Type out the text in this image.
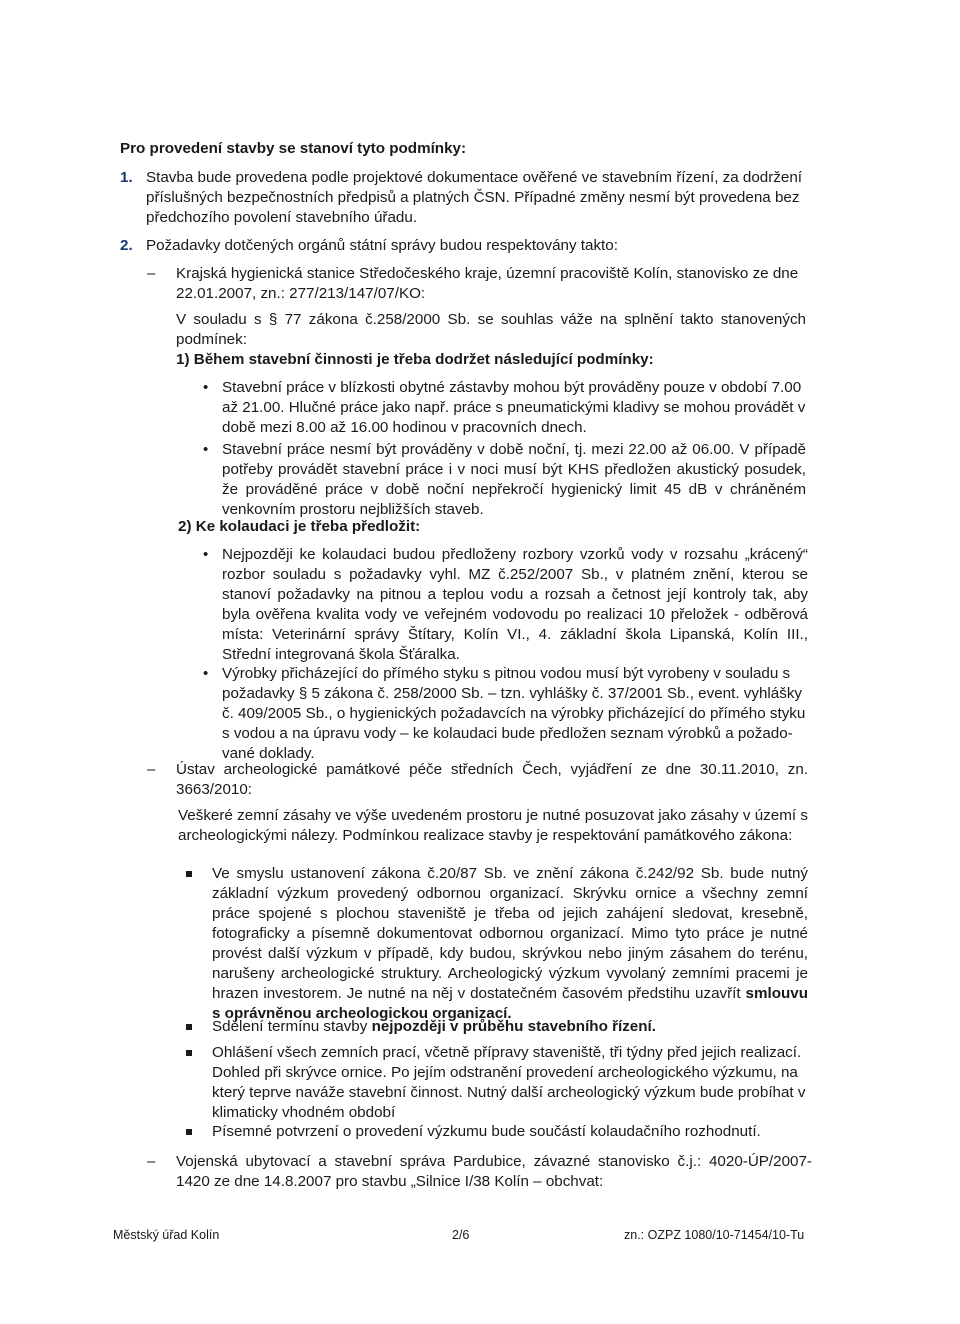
Pro provedení stavby se stanoví tyto podmínky:
1. Stavba bude provedena podle projektové dokumentace ověřené ve stavebním řízení, za dodržení příslušných bezpečnostních předpisů a platných ČSN. Případné změny nesmí být provedena bez předchozího povolení stavebního úřadu.
2. Požadavky dotčených orgánů státní správy budou respektovány takto:
– Krajská hygienická stanice Středočeského kraje, územní pracoviště Kolín, stanovisko ze dne 22.01.2007, zn.: 277/213/147/07/KO:
V souladu s § 77 zákona č.258/2000 Sb. se souhlas váže na splnění takto stanovených podmínek:
1) Během stavební činnosti je třeba dodržet následující podmínky:
• Stavební práce v blízkosti obytné zástavby mohou být prováděny pouze v období 7.00 až 21.00. Hlučné práce jako např. práce s pneumatickými kladivy se mohou provádět v době mezi 8.00 až 16.00 hodinou v pracovních dnech.
• Stavební práce nesmí být prováděny v době noční, tj. mezi 22.00 až 06.00. V případě potřeby provádět stavební práce i v noci musí být KHS předložen akustický posudek, že prováděné práce v době noční nepřekročí hygienický limit 45 dB v chráněném venkovním prostoru nejbližších staveb.
2) Ke kolaudaci je třeba předložit:
• Nejpozději ke kolaudaci budou předloženy rozbory vzorků vody v rozsahu „krácený“ rozbor souladu s požadavky vyhl. MZ č.252/2007 Sb., v platném znění, kterou se stanoví požadavky na pitnou a teplou vodu a rozsah a četnost její kontroly tak, aby byla ověřena kvalita vody ve veřejném vodovodu po realizaci 10 přeložek - odběrová místa: Veterinární správy Štítary, Kolín VI., 4. základní škola Lipanská, Kolín III., Střední integrovaná škola Šťáralka.
• Výrobky přicházející do přímého styku s pitnou vodou musí být vyrobeny v souladu s požadavky § 5 zákona č. 258/2000 Sb. – tzn. vyhlášky č. 37/2001 Sb., event. vyhlášky č. 409/2005 Sb., o hygienických požadavcích na výrobky přicházející do přímého styku s vodou a na úpravu vody – ke kolaudaci bude předložen seznam výrobků a požado-vané doklady.
– Ústav archeologické památkové péče středních Čech, vyjádření ze dne 30.11.2010, zn. 3663/2010:
Veškeré zemní zásahy ve výše uvedeném prostoru je nutné posuzovat jako zásahy v území s archeologickými nálezy. Podmínkou realizace stavby je respektování památkového zákona:
Ve smyslu ustanovení zákona č.20/87 Sb. ve znění zákona č.242/92 Sb. bude nutný základní výzkum provedený odbornou organizací. Skrývku ornice a všechny zemní práce spojené s plochou staveniště je třeba od jejich zahájení sledovat, kresebně, fotograficky a písemně dokumentovat odbornou organizací. Mimo tyto práce je nutné provést další výzkum v případě, kdy budou, skrývkou nebo jiným zásahem do terénu, narušeny archeologické struktury. Archeologický výzkum vyvolaný zemními pracemi je hrazen investorem. Je nutné na něj v dostatečném časovém předstihu uzavřít smlouvu s oprávněnou archeologickou organizací.
Sdělení termínu stavby nejpozději v průběhu stavebního řízení.
Ohlášení všech zemních prací, včetně přípravy staveniště, tři týdny před jejich realizací. Dohled při skrývce ornice. Po jejím odstranění provedení archeologického výzkumu, na který teprve naváže stavební činnost. Nutný další archeologický výzkum bude probíhat v klimaticky vhodném období
Písemné potvrzení o provedení výzkumu bude součástí kolaudačního rozhodnutí.
– Vojenská ubytovací a stavební správa Pardubice, závazné stanovisko č.j.: 4020-ÚP/2007-1420 ze dne 14.8.2007 pro stavbu „Silnice I/38 Kolín – obchvat:
Městský úřad Kolín	2/6	zn.: OZPZ 1080/10-71454/10-Tu
